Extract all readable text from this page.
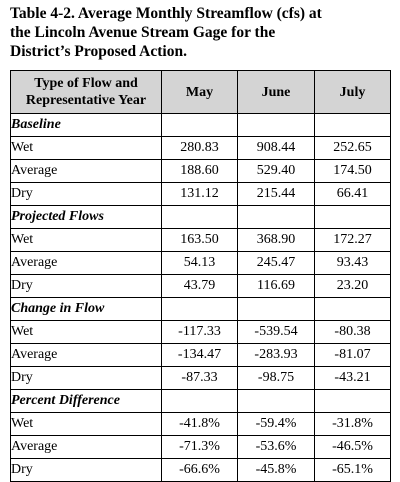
Table 4-2. Average Monthly Streamflow (cfs) at
the Lincoln Avenue Stream Gage for the
District’s Proposed Action.
Type of Flow and
Representative Year	May	June	July
Baseline			
Wet	280.83	908.44	252.65
Average	188.60	529.40	174.50
Dry	131.12	215.44	66.41
Projected Flows			
Wet	163.50	368.90	172.27
Average	54.13	245.47	93.43
Dry	43.79	116.69	23.20
Change in Flow			
Wet	-117.33	-539.54	-80.38
Average	-134.47	-283.93	-81.07
Dry	-87.33	-98.75	-43.21
Percent Difference			
Wet	-41.8%	-59.4%	-31.8%
Average	-71.3%	-53.6%	-46.5%
Dry	-66.6%	-45.8%	-65.1%
